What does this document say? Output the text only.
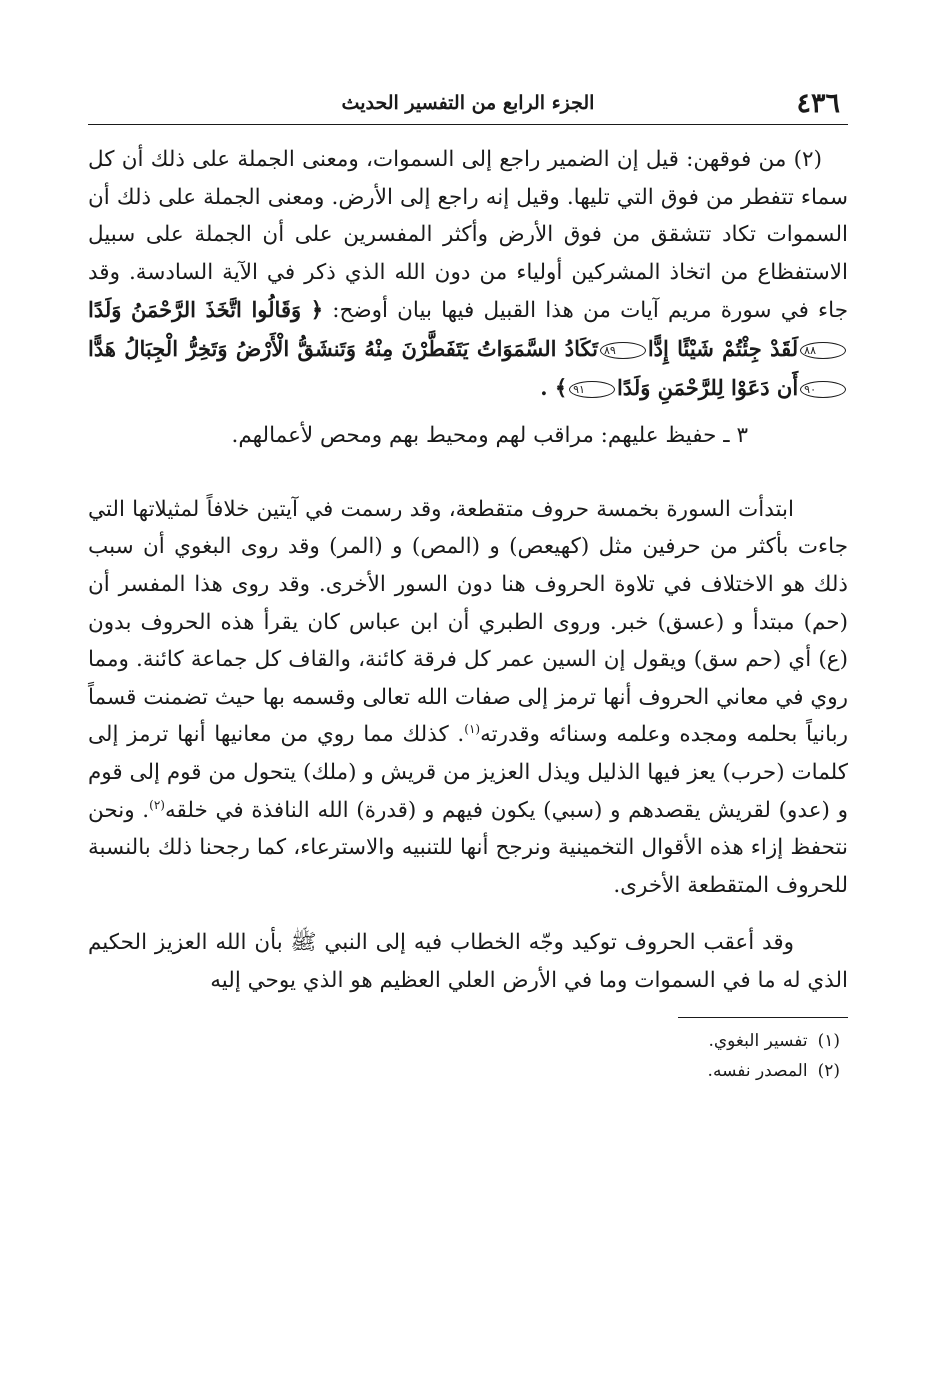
٤٣٦
الجزء الرابع من التفسير الحديث

(٢) من فوقهن: قيل إن الضمير راجع إلى السموات، ومعنى الجملة على ذلك أن كل سماء تتفطر من فوق التي تليها. وقيل إنه راجع إلى الأرض. ومعنى الجملة على ذلك أن السموات تكاد تتشقق من فوق الأرض وأكثر المفسرين على أن الجملة على سبيل الاستفظاع من اتخاذ المشركين أولياء من دون الله الذي ذكر في الآية السادسة. وقد جاء في سورة مريم آيات من هذا القبيل فيها بيان أوضح: ﴿ وَقَالُوا اتَّخَذَ الرَّحْمَنُ وَلَدًا٨٨لَقَدْ جِئْتُمْ شَيْئًا إِدًّا٨٩تَكَادُ السَّمَوَاتُ يَتَفَطَّرْنَ مِنْهُ وَتَنشَقُّ الْأَرْضُ وَتَخِرُّ الْجِبَالُ هَدًّا٩٠أَن دَعَوْا لِلرَّحْمَنِ وَلَدًا٩١﴾ .

٣ ـ حفيظ عليهم: مراقب لهم ومحيط بهم ومحص لأعمالهم.

ابتدأت السورة بخمسة حروف متقطعة، وقد رسمت في آيتين خلافاً لمثيلاتها التي جاءت بأكثر من حرفين مثل (كهيعص) و (المص) و (المر) وقد روى البغوي أن سبب ذلك هو الاختلاف في تلاوة الحروف هنا دون السور الأخرى. وقد روى هذا المفسر أن (حم) مبتدأ و (عسق) خبر. وروى الطبري أن ابن عباس كان يقرأ هذه الحروف بدون (ع) أي (حم سق) ويقول إن السين عمر كل فرقة كائنة، والقاف كل جماعة كائنة. ومما روي في معاني الحروف أنها ترمز إلى صفات الله تعالى وقسمه بها حيث تضمنت قسماً ربانياً بحلمه ومجده وعلمه وسنائه وقدرته$^{(١)}$. كذلك مما روي من معانيها أنها ترمز إلى كلمات (حرب) يعز فيها الذليل ويذل العزيز من قريش و (ملك) يتحول من قوم إلى قوم و (عدو) لقريش يقصدهم و (سبي) يكون فيهم و (قدرة) الله النافذة في خلقه$^{(٢)}$. ونحن نتحفظ إزاء هذه الأقوال التخمينية ونرجح أنها للتنبيه والاسترعاء، كما رجحنا ذلك بالنسبة للحروف المتقطعة الأخرى.

وقد أعقب الحروف توكيد وجّه الخطاب فيه إلى النبي ﷺ بأن الله العزيز الحكيم الذي له ما في السموات وما في الأرض العلي العظيم هو الذي يوحي إليه

(١)تفسير البغوي.
(٢)المصدر نفسه.
